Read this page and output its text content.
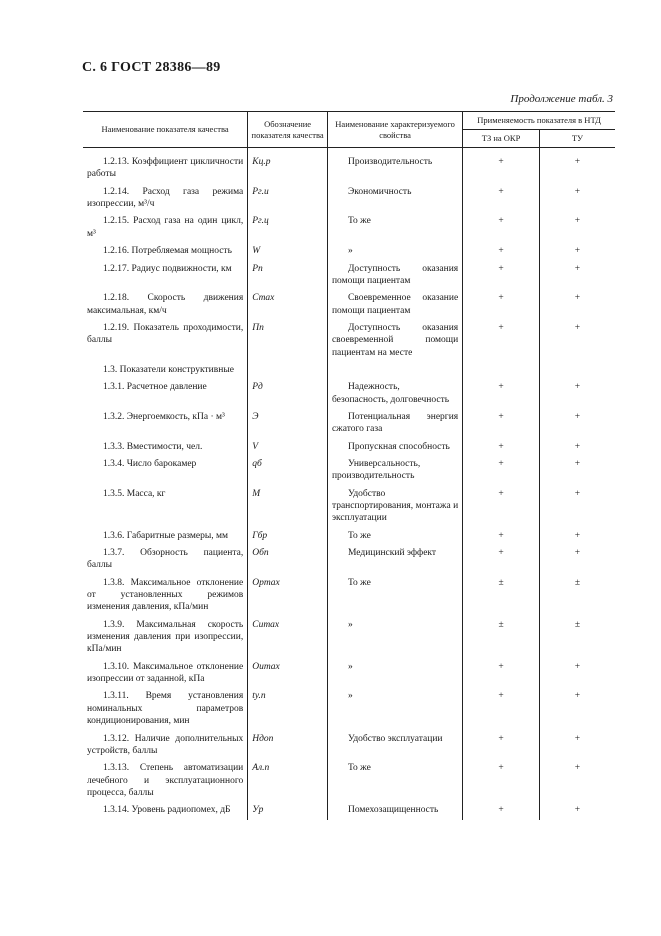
С. 6 ГОСТ 28386—89
Продолжение табл. 3
Наименование показателя качества	Обозначение показателя качества	Наименование характеризуемого свойства	Применяемость показателя в НТД	
			ТЗ на ОКР	ТУ

1.2.13. Коэффициент цикличности работы	Kц.р	Производительность	+	+
1.2.14. Расход газа режима изопрессии, м³/ч	Pг.и	Экономичность	+	+
1.2.15. Расход газа на один цикл, м³	Pг.ц	То же	+	+
1.2.16. Потребляемая мощность	W	»	+	+
1.2.17. Радиус подвижности, км	Pп	Доступность оказания помощи пациентам	+	+
1.2.18. Скорость движения максимальная, км/ч	Cmax	Своевременное оказание помощи пациентам	+	+
1.2.19. Показатель проходимости, баллы	Пп	Доступность оказания своевременной помощи пациентам на месте	+	+
1.3. Показатели конструктивные				
1.3.1. Расчетное давление	Pд	Надежность, безопасность, долговечность	+	+
1.3.2. Энергоемкость, кПа · м³	Э	Потенциальная энергия сжатого газа	+	+
1.3.3. Вместимости, чел.	V	Пропускная способность	+	+
1.3.4. Число барокамер	qб	Универсальность, производительность	+	+
1.3.5. Масса, кг	M	Удобство транспортирования, монтажа и эксплуатации	+	+
1.3.6. Габаритные размеры, мм	Гбр	То же	+	+
1.3.7. Обзорность пациента, баллы	Обп	Медицинский эффект	+	+
1.3.8. Максимальное отклонение от установленных режимов изменения давления, кПа/мин	Opmax	То же	±	±
1.3.9. Максимальная скорость изменения давления при изопрессии, кПа/мин	Cиmax	»	±	±
1.3.10. Максимальное отклонение изопрессии от заданной, кПа	Oиmax	»	+	+
1.3.11. Время установления номинальных параметров кондиционирования, мин	tу.п	»	+	+
1.3.12. Наличие дополнительных устройств, баллы	Hдоп	Удобство эксплуатации	+	+
1.3.13. Степень автоматизации лечебного и эксплуатационного процесса, баллы	Aл.п	То же	+	+
1.3.14. Уровень радиопомех, дБ	Уp	Помехозащищенность	+	+
